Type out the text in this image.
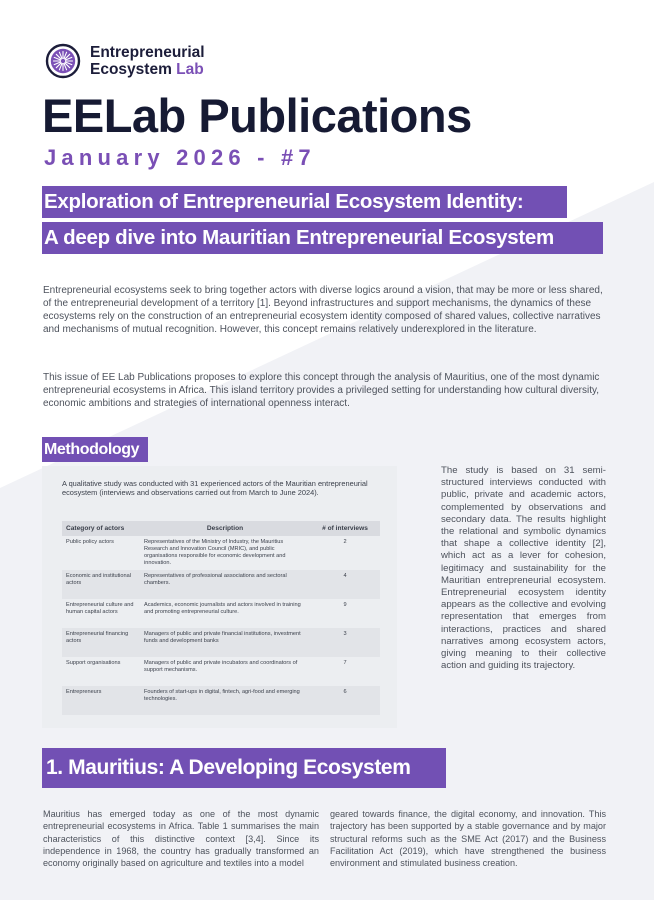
Entrepreneurial
Ecosystem Lab
EELab Publications
January 2026 - #7
Exploration of Entrepreneurial Ecosystem Identity:
A deep dive into Mauritian Entrepreneurial Ecosystem

Entrepreneurial ecosystems seek to bring together actors with diverse logics around a vision, that may be more or less shared, of the entrepreneurial development of a territory [1]. Beyond infrastructures and support mechanisms, the dynamics of these ecosystems rely on the construction of an entrepreneurial ecosystem identity composed of shared values, collective narratives and mechanisms of mutual recognition. However, this concept remains relatively underexplored in the literature.

This issue of EE Lab Publications proposes to explore this concept through the analysis of Mauritius, one of the most dynamic entrepreneurial ecosystems in Africa. This island territory provides a privileged setting for understanding how cultural diversity, economic ambitions and strategies of international openness interact.

Methodology

A qualitative study was conducted with 31 experienced actors of the Mauritian entrepreneurial ecosystem (interviews and observations carried out from March to June 2024).

Category of actors	Description	# of interviews
Public policy actors	Representatives of the Ministry of Industry, the Mauritius Research and Innovation Council (MRIC), and public organisations responsible for economic development and innovation.	2
Economic and institutional actors	Representatives of professional associations and sectoral chambers.	4
Entrepreneurial culture and human capital actors	Academics, economic journalists and actors involved in training and promoting entrepreneurial culture.	9
Entrepreneurial financing actors	Managers of public and private financial institutions, investment funds and development banks	3
Support organisations	Managers of public and private incubators and coordinators of support mechanisms.	7
Entrepreneurs	Founders of start-ups in digital, fintech, agri-food and emerging technologies.	6

The study is based on 31 semi-structured interviews conducted with public, private and academic actors, complemented by observations and secondary data. The results highlight the relational and symbolic dynamics that shape a collective identity [2], which act as a lever for cohesion, legitimacy and sustainability for the Mauritian entrepreneurial ecosystem. Entrepreneurial ecosystem identity appears as the collective and evolving representation that emerges from interactions, practices and shared narratives among ecosystem actors, giving meaning to their collective action and guiding its trajectory.

1. Mauritius: A Developing Ecosystem

Mauritius has emerged today as one of the most dynamic entrepreneurial ecosystems in Africa. Table 1 summarises the main characteristics of this distinctive context [3,4]. Since its independence in 1968, the country has gradually transformed an economy originally based on agriculture and textiles into a model

geared towards finance, the digital economy, and innovation. This trajectory has been supported by a stable governance and by major structural reforms such as the SME Act (2017) and the Business Facilitation Act (2019), which have strengthened the business environment and stimulated business creation.
